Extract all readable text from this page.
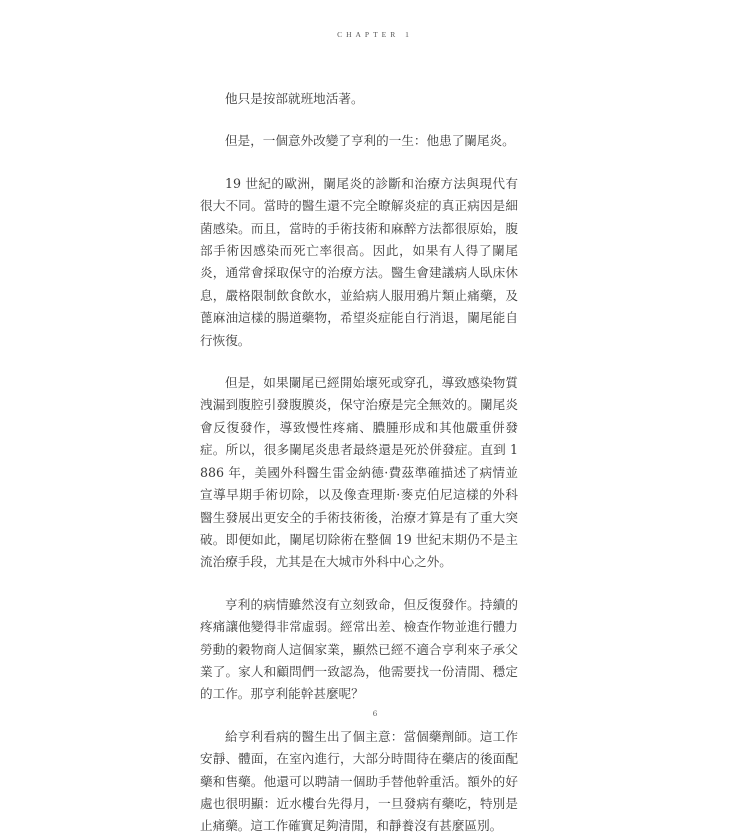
CHAPTER 1

他只是按部就班地活著。

但是，一個意外改變了亨利的一生：他患了闌尾炎。

19 世紀的歐洲，闌尾炎的診斷和治療方法與現代有很大不同。當時的醫生還不完全瞭解炎症的真正病因是細菌感染。而且，當時的手術技術和麻醉方法都很原始，腹部手術因感染而死亡率很高。因此，如果有人得了闌尾炎，通常會採取保守的治療方法。醫生會建議病人臥床休息，嚴格限制飲食飲水，並給病人服用鴉片類止痛藥，及蓖麻油這樣的腸道藥物，希望炎症能自行消退，闌尾能自行恢復。

但是，如果闌尾已經開始壞死或穿孔，導致感染物質洩漏到腹腔引發腹膜炎，保守治療是完全無效的。闌尾炎會反復發作，導致慢性疼痛、膿腫形成和其他嚴重併發症。所以，很多闌尾炎患者最終還是死於併發症。直到 1886 年，美國外科醫生雷金納德·費茲準確描述了病情並宣導早期手術切除，以及像查理斯·麥克伯尼這樣的外科醫生發展出更安全的手術技術後，治療才算是有了重大突破。即便如此，闌尾切除術在整個 19 世紀末期仍不是主流治療手段，尤其是在大城市外科中心之外。

亨利的病情雖然沒有立刻致命，但反復發作。持續的疼痛讓他變得非常虛弱。經常出差、檢查作物並進行體力勞動的穀物商人這個家業，顯然已經不適合亨利來子承父業了。家人和顧問們一致認為，他需要找一份清閒、穩定的工作。那亨利能幹甚麼呢？

給亨利看病的醫生出了個主意：當個藥劑師。這工作安靜、體面，在室內進行，大部分時間待在藥店的後面配藥和售藥。他還可以聘請一個助手替他幹重活。額外的好處也很明顯：近水樓台先得月，一旦發病有藥吃，特別是止痛藥。這工作確實足夠清閒，和靜養沒有甚麼區別。

6
